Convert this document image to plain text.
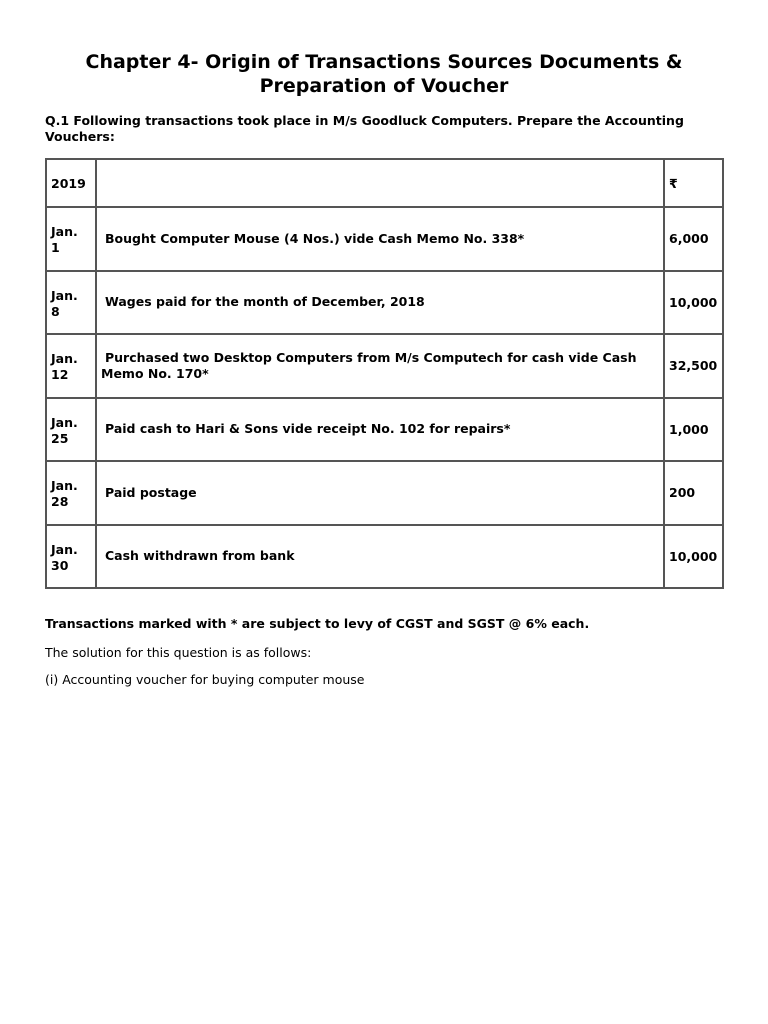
Chapter 4- Origin of Transactions Sources Documents & Preparation of Voucher
Q.1 Following transactions took place in M/s Goodluck Computers. Prepare the Accounting Vouchers:
2019		₹

Jan.
1	Bought Computer Mouse (4 Nos.) vide Cash Memo No. 338*	6,000

Jan.
8	Wages paid for the month of December, 2018	10,000

Jan.
12	Purchased two Desktop Computers from M/s Computech for cash vide Cash Memo No. 170*	32,500

Jan.
25	Paid cash to Hari & Sons vide receipt No. 102 for repairs*	1,000

Jan.
28	Paid postage	200

Jan.
30	Cash withdrawn from bank	10,000
Transactions marked with * are subject to levy of CGST and SGST @ 6% each.
The solution for this question is as follows:
(i) Accounting voucher for buying computer mouse
